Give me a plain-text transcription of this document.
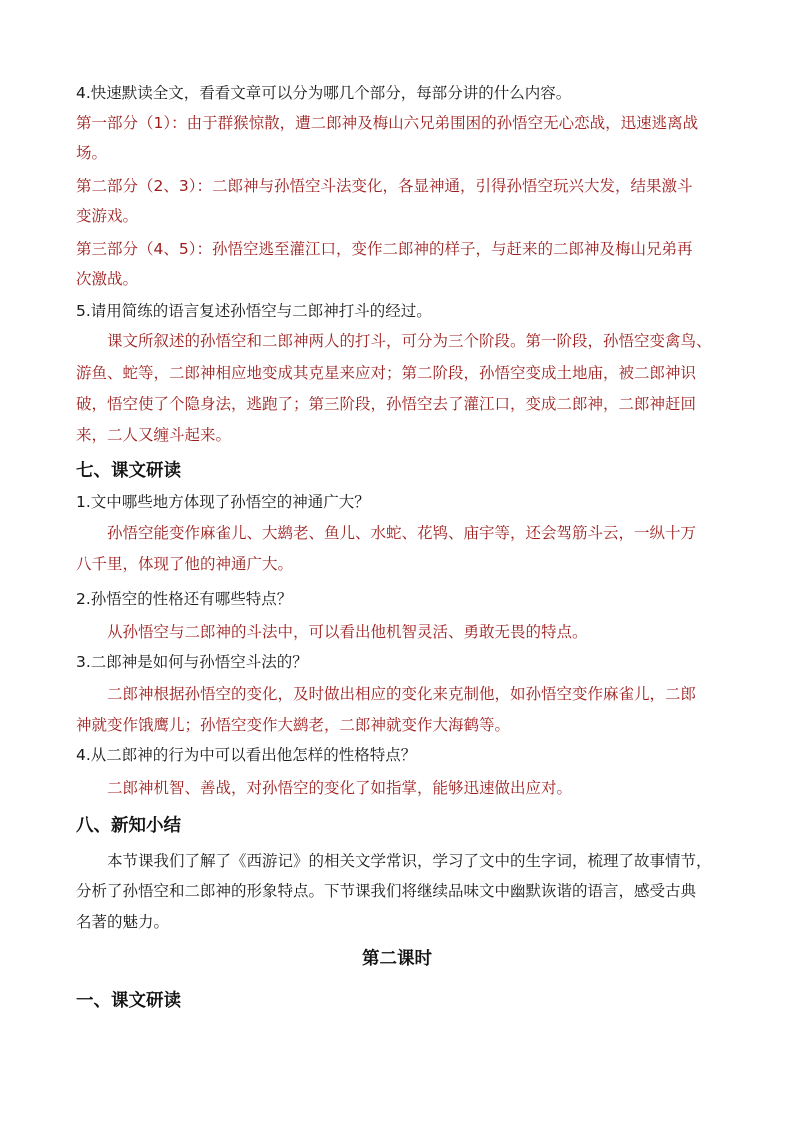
4.快速默读全文，看看文章可以分为哪几个部分，每部分讲的什么内容。
第一部分（1）：由于群猴惊散，遭二郎神及梅山六兄弟围困的孙悟空无心恋战，迅速逃离战
场。
第二部分（2、3）：二郎神与孙悟空斗法变化，各显神通，引得孙悟空玩兴大发，结果激斗
变游戏。
第三部分（4、5）：孙悟空逃至灌江口，变作二郎神的样子，与赶来的二郎神及梅山兄弟再
次激战。
5.请用简练的语言复述孙悟空与二郎神打斗的经过。
课文所叙述的孙悟空和二郎神两人的打斗，可分为三个阶段。第一阶段，孙悟空变禽鸟、
游鱼、蛇等，二郎神相应地变成其克星来应对；第二阶段，孙悟空变成土地庙，被二郎神识
破，悟空使了个隐身法，逃跑了；第三阶段，孙悟空去了灌江口，变成二郎神，二郎神赶回
来，二人又缠斗起来。
七、课文研读
1.文中哪些地方体现了孙悟空的神通广大？
孙悟空能变作麻雀儿、大鹚老、鱼儿、水蛇、花鸨、庙宇等，还会驾筋斗云，一纵十万
八千里，体现了他的神通广大。
2.孙悟空的性格还有哪些特点？
从孙悟空与二郎神的斗法中，可以看出他机智灵活、勇敢无畏的特点。
3.二郎神是如何与孙悟空斗法的？
二郎神根据孙悟空的变化，及时做出相应的变化来克制他，如孙悟空变作麻雀儿，二郎
神就变作饿鹰儿；孙悟空变作大鹚老，二郎神就变作大海鹤等。
4.从二郎神的行为中可以看出他怎样的性格特点？
二郎神机智、善战，对孙悟空的变化了如指掌，能够迅速做出应对。
八、新知小结
本节课我们了解了《西游记》的相关文学常识，学习了文中的生字词，梳理了故事情节，
分析了孙悟空和二郎神的形象特点。下节课我们将继续品味文中幽默诙谐的语言，感受古典
名著的魅力。
第二课时
一、课文研读
